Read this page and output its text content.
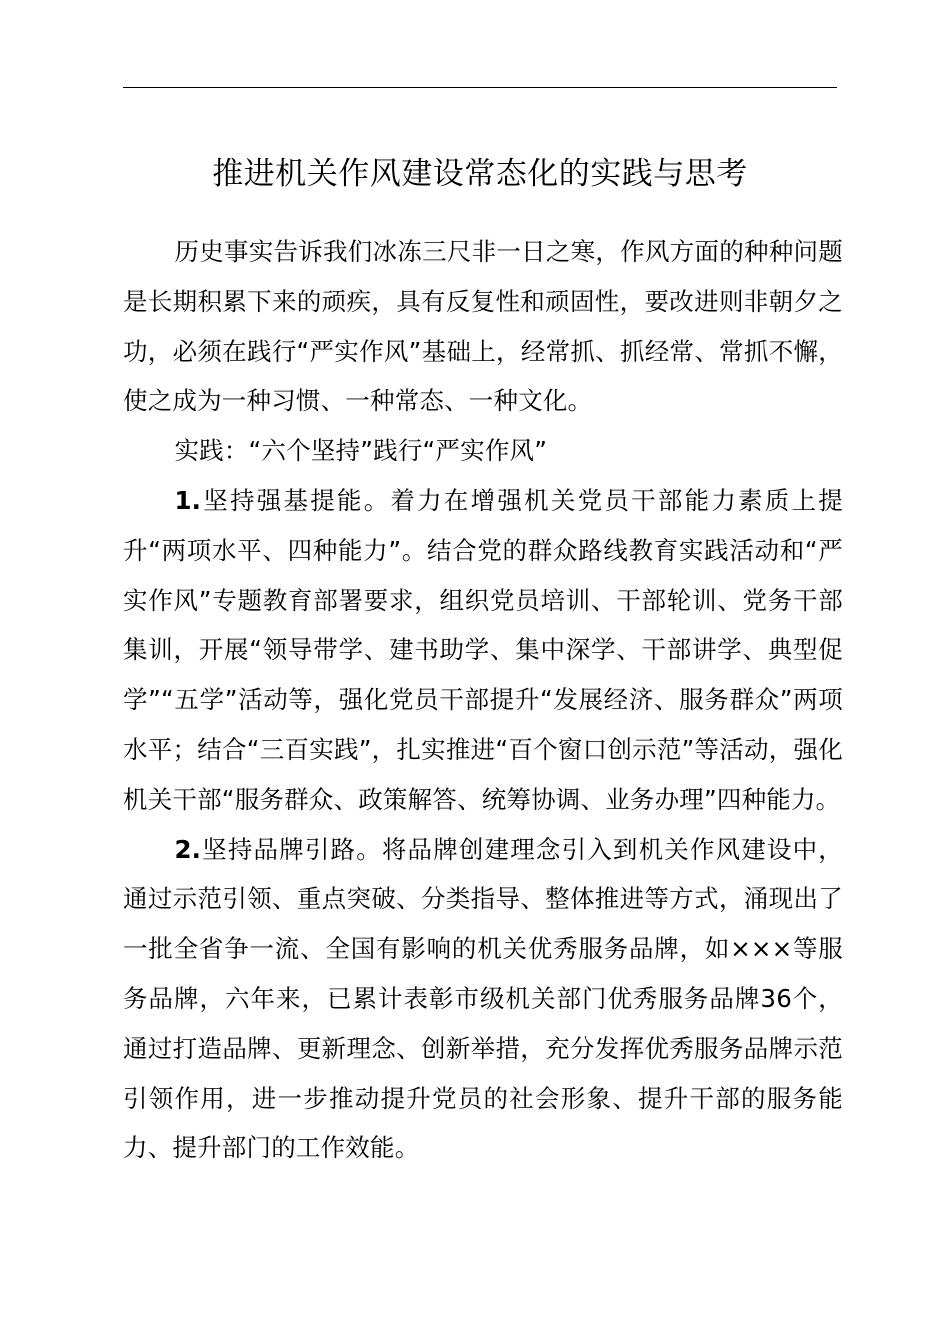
推进机关作风建设常态化的实践与思考

历史事实告诉我们冰冻三尺非一日之寒，作风方面的种种问题是长期积累下来的顽疾，具有反复性和顽固性，要改进则非朝夕之功，必须在践行“严实作风”基础上，经常抓、抓经常、常抓不懈，使之成为一种习惯、一种常态、一种文化。

实践：“六个坚持”践行“严实作风”

1.坚持强基提能。着力在增强机关党员干部能力素质上提升“两项水平、四种能力”。结合党的群众路线教育实践活动和“严实作风”专题教育部署要求，组织党员培训、干部轮训、党务干部集训，开展“领导带学、建书助学、集中深学、干部讲学、典型促学”“五学”活动等，强化党员干部提升“发展经济、服务群众”两项水平；结合“三百实践”，扎实推进“百个窗口创示范”等活动，强化机关干部“服务群众、政策解答、统筹协调、业务办理”四种能力。

2.坚持品牌引路。将品牌创建理念引入到机关作风建设中，通过示范引领、重点突破、分类指导、整体推进等方式，涌现出了一批全省争一流、全国有影响的机关优秀服务品牌，如×××等服务品牌，六年来，已累计表彰市级机关部门优秀服务品牌36个，通过打造品牌、更新理念、创新举措，充分发挥优秀服务品牌示范引领作用，进一步推动提升党员的社会形象、提升干部的服务能力、提升部门的工作效能。
